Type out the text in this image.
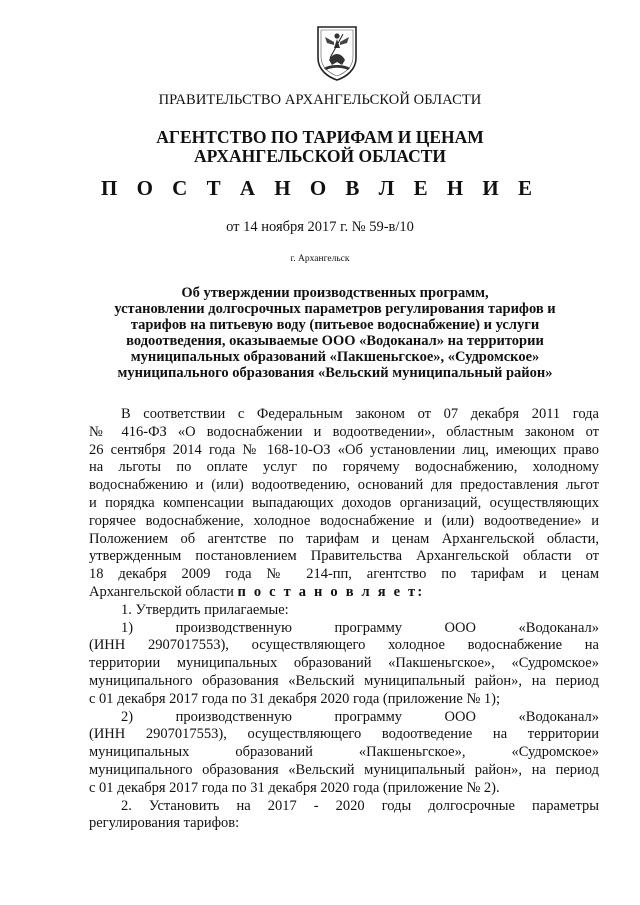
ПРАВИТЕЛЬСТВО АРХАНГЕЛЬСКОЙ ОБЛАСТИ
АГЕНТСТВО ПО ТАРИФАМ И ЦЕНАМ
АРХАНГЕЛЬСКОЙ ОБЛАСТИ
П О С Т А Н О В Л Е Н И Е
от 14 ноября 2017 г. № 59-в/10
г. Архангельск
Об утверждении производственных программ,
установлении долгосрочных параметров регулирования тарифов и
тарифов на питьевую воду (питьевое водоснабжение) и услуги
водоотведения, оказываемые ООО «Водоканал» на территории
муниципальных образований «Пакшеньгское», «Судромское»
муниципального образования «Вельский муниципальный район»

В соответствии с Федеральным законом от 07 декабря 2011 года

№ 416-ФЗ «О водоснабжении и водоотведении», областным законом от

26 сентября 2014 года № 168-10-ОЗ «Об установлении лиц, имеющих право

на льготы по оплате услуг по горячему водоснабжению, холодному

водоснабжению и (или) водоотведению, оснований для предоставления льгот

и порядка компенсации выпадающих доходов организаций, осуществляющих

горячее водоснабжение, холодное водоснабжение и (или) водоотведение» и

Положением об агентстве по тарифам и ценам Архангельской области,

утвержденным постановлением Правительства Архангельской области от

18 декабря 2009 года № 214-пп, агентство по тарифам и ценам

Архангельской области п о с т а н о в л я е т:

1. Утвердить прилагаемые:

1) производственную программу ООО «Водоканал»

(ИНН 2907017553), осуществляющего холодное водоснабжение на

территории муниципальных образований «Пакшеньгское», «Судромское»

муниципального образования «Вельский муниципальный район», на период

с 01 декабря 2017 года по 31 декабря 2020 года (приложение № 1);

2) производственную программу ООО «Водоканал»

(ИНН 2907017553), осуществляющего водоотведение на территории

муниципальных образований «Пакшеньгское», «Судромское»

муниципального образования «Вельский муниципальный район», на период

с 01 декабря 2017 года по 31 декабря 2020 года (приложение № 2).

2. Установить на 2017 - 2020 годы долгосрочные параметры

регулирования тарифов:
